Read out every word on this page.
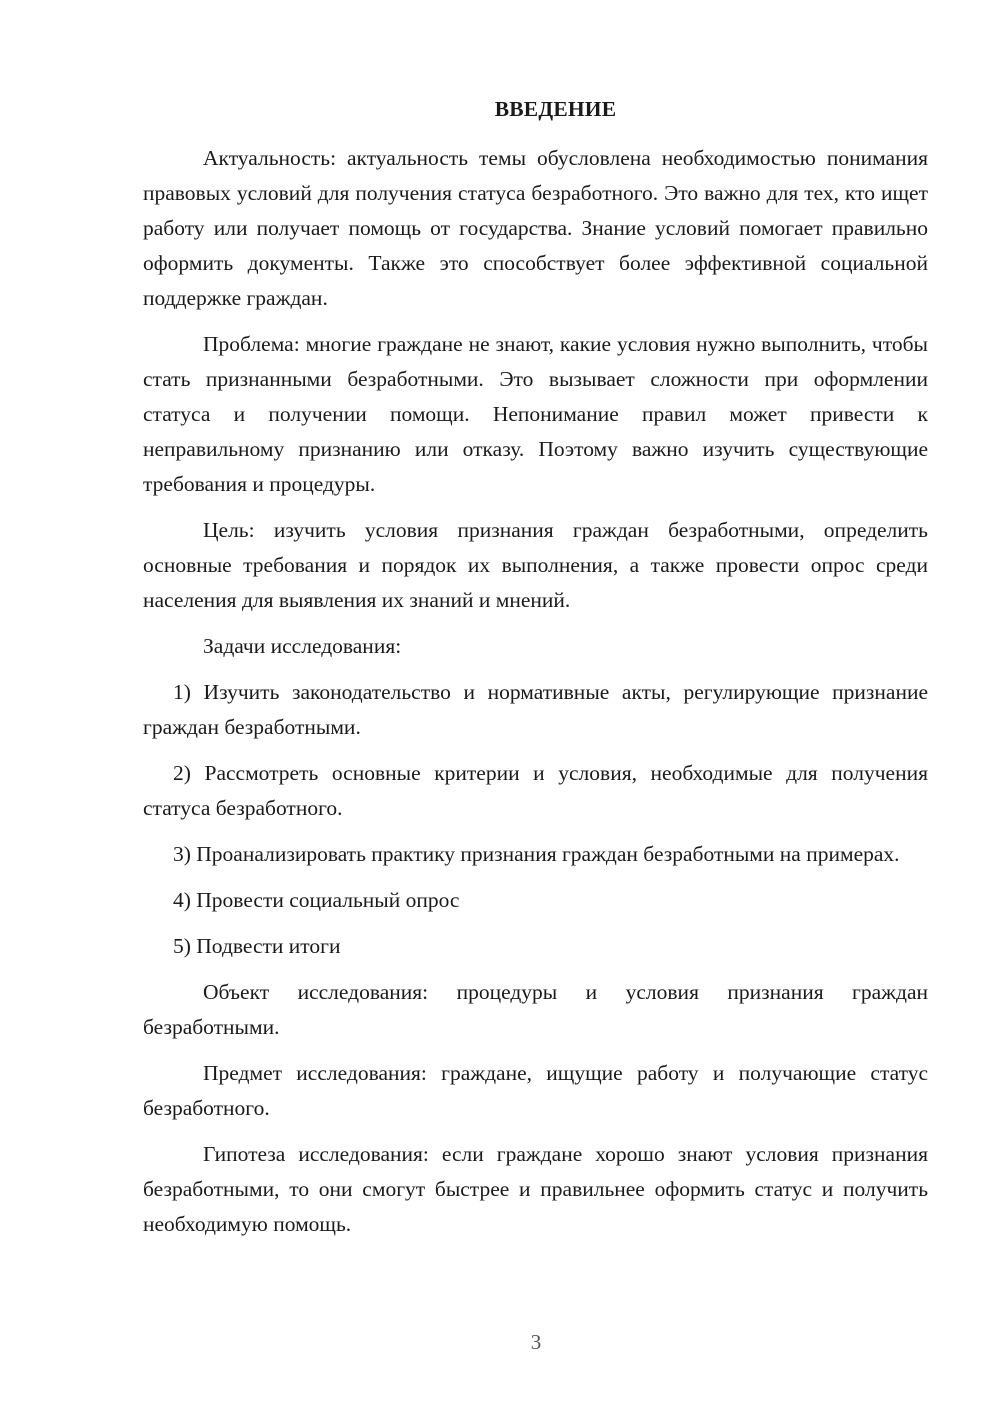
ВВЕДЕНИЕ

Актуальность: актуальность темы обусловлена необходимостью понимания правовых условий для получения статуса безработного. Это важно для тех, кто ищет работу или получает помощь от государства. Знание условий помогает правильно оформить документы. Также это способствует более эффективной социальной поддержке граждан.

Проблема: многие граждане не знают, какие условия нужно выполнить, чтобы стать признанными безработными. Это вызывает сложности при оформлении статуса и получении помощи. Непонимание правил может привести к неправильному признанию или отказу. Поэтому важно изучить существующие требования и процедуры.

Цель: изучить условия признания граждан безработными, определить основные требования и порядок их выполнения, а также провести опрос среди населения для выявления их знаний и мнений.

Задачи исследования:

1) Изучить законодательство и нормативные акты, регулирующие признание граждан безработными.

2) Рассмотреть основные критерии и условия, необходимые для получения статуса безработного.

3) Проанализировать практику признания граждан безработными на примерах.

4) Провести социальный опрос

5) Подвести итоги

Объект исследования: процедуры и условия признания граждан безработными.

Предмет исследования: граждане, ищущие работу и получающие статус безработного.

Гипотеза исследования: если граждане хорошо знают условия признания безработными, то они смогут быстрее и правильнее оформить статус и получить необходимую помощь.

3
